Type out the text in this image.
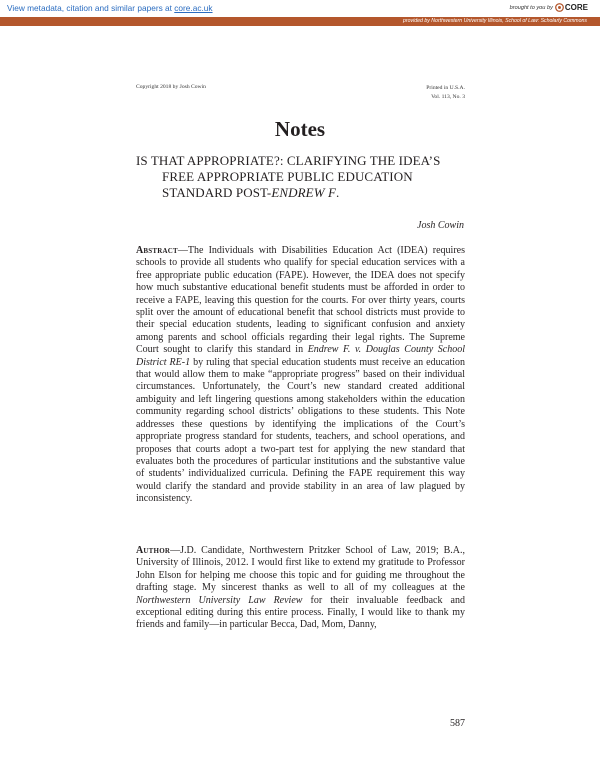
View metadata, citation and similar papers at core.ac.uk	brought to you by CORE
provided by Northwestern University Illinois, School of Law: Scholarly Commons
Copyright 2018 by Josh Cowin	Printed in U.S.A.
Vol. 113, No. 3
Notes
IS THAT APPROPRIATE?: CLARIFYING THE IDEA’S
FREE APPROPRIATE PUBLIC EDUCATION
STANDARD POST-ENDREW F.
Josh Cowin
Abstract—The Individuals with Disabilities Education Act (IDEA) requires schools to provide all students who qualify for special education services with a free appropriate public education (FAPE). However, the IDEA does not specify how much substantive educational benefit students must be afforded in order to receive a FAPE, leaving this question for the courts. For over thirty years, courts split over the amount of educational benefit that school districts must provide to their special education students, leading to significant confusion and anxiety among parents and school officials regarding their legal rights. The Supreme Court sought to clarify this standard in Endrew F. v. Douglas County School District RE-1 by ruling that special education students must receive an education that would allow them to make “appropriate progress” based on their individual circumstances. Unfortunately, the Court’s new standard created additional ambiguity and left lingering questions among stakeholders within the education community regarding school districts’ obligations to these students. This Note addresses these questions by identifying the implications of the Court’s appropriate progress standard for students, teachers, and school operations, and proposes that courts adopt a two-part test for applying the new standard that evaluates both the procedures of particular institutions and the substantive value of students’ individualized curricula. Defining the FAPE requirement this way would clarify the standard and provide stability in an area of law plagued by inconsistency.
Author—J.D. Candidate, Northwestern Pritzker School of Law, 2019; B.A., University of Illinois, 2012. I would first like to extend my gratitude to Professor John Elson for helping me choose this topic and for guiding me throughout the drafting stage. My sincerest thanks as well to all of my colleagues at the Northwestern University Law Review for their invaluable feedback and exceptional editing during this entire process. Finally, I would like to thank my friends and family—in particular Becca, Dad, Mom, Danny,
587
